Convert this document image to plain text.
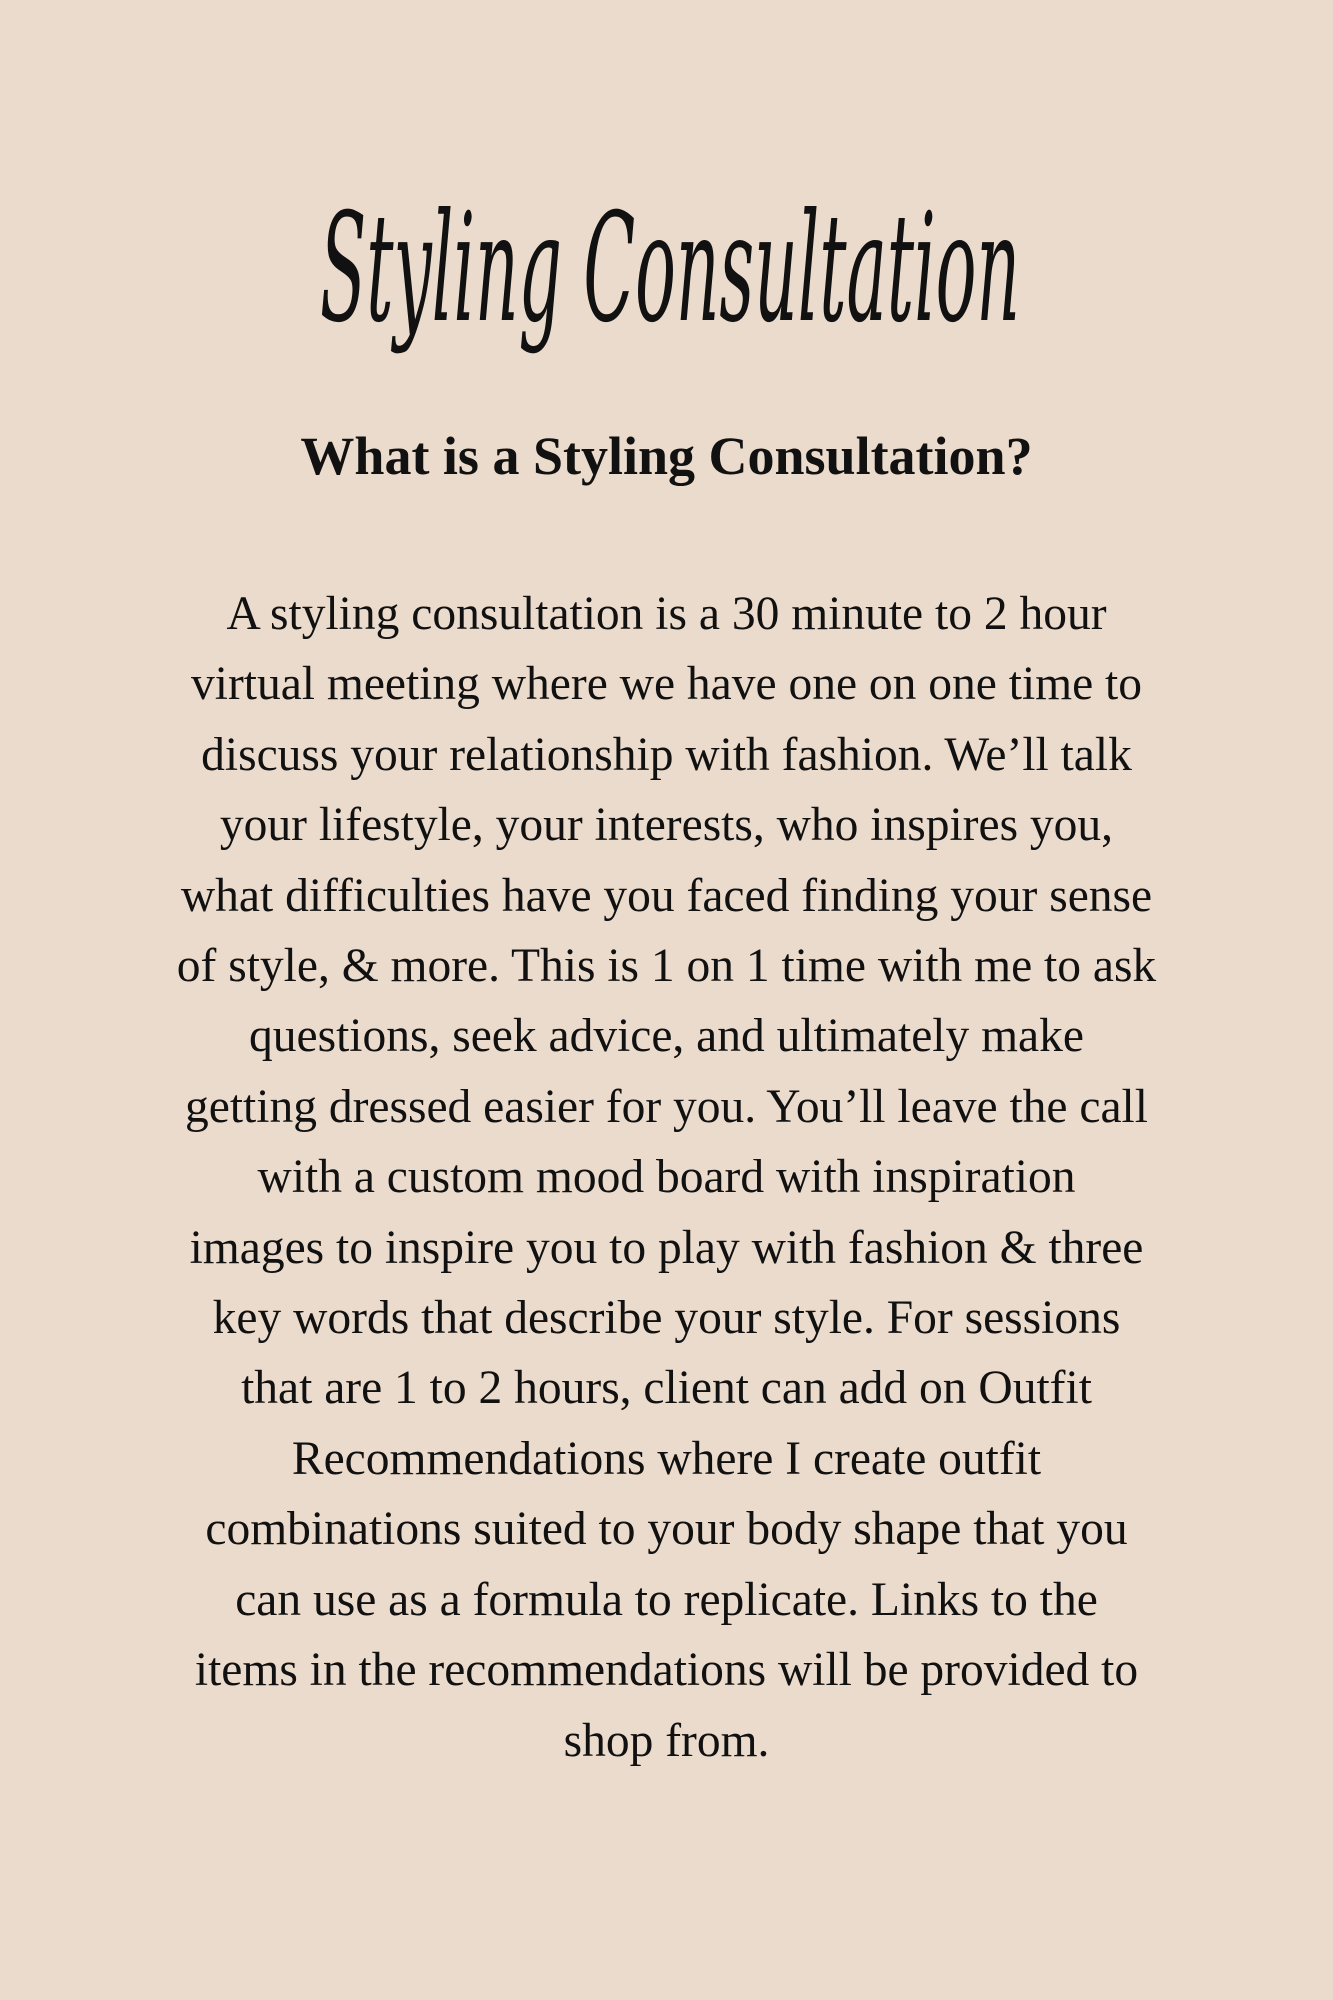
Styling Consultation
What is a Styling Consultation?

A styling consultation is a 30 minute to 2 hour
virtual meeting where we have one on one time to
discuss your relationship with fashion. We’ll talk
your lifestyle, your interests, who inspires you,
what difficulties have you faced finding your sense
of style, & more. This is 1 on 1 time with me to ask
questions, seek advice, and ultimately make
getting dressed easier for you. You’ll leave the call
with a custom mood board with inspiration
images to inspire you to play with fashion & three
key words that describe your style. For sessions
that are 1 to 2 hours, client can add on Outfit
Recommendations where I create outfit
combinations suited to your body shape that you
can use as a formula to replicate. Links to the
items in the recommendations will be provided to
shop from.
